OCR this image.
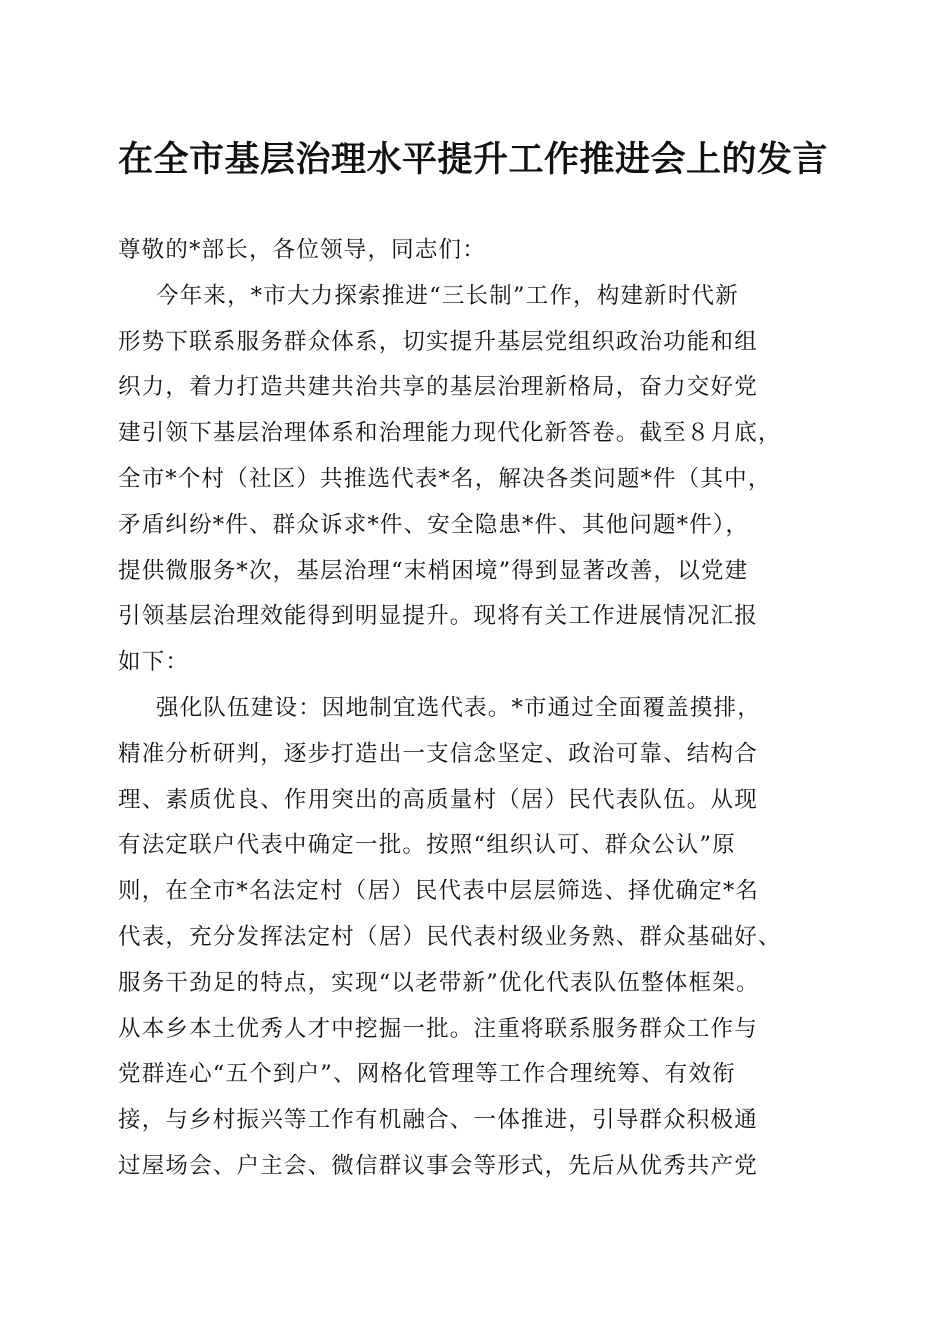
在全市基层治理水平提升工作推进会上的发言
尊敬的*部长，各位领导，同志们：
今年来，*市大力探索推进“三长制”工作，构建新时代新
形势下联系服务群众体系，切实提升基层党组织政治功能和组
织力，着力打造共建共治共享的基层治理新格局，奋力交好党
建引领下基层治理体系和治理能力现代化新答卷。截至８月底，
全市*个村（社区）共推选代表*名，解决各类问题*件（其中，
矛盾纠纷*件、群众诉求*件、安全隐患*件、其他问题*件），
提供微服务*次，基层治理“末梢困境”得到显著改善，以党建
引领基层治理效能得到明显提升。现将有关工作进展情况汇报
如下：
强化队伍建设：因地制宜选代表。*市通过全面覆盖摸排，
精准分析研判，逐步打造出一支信念坚定、政治可靠、结构合
理、素质优良、作用突出的高质量村（居）民代表队伍。从现
有法定联户代表中确定一批。按照“组织认可、群众公认”原
则，在全市*名法定村（居）民代表中层层筛选、择优确定*名
代表，充分发挥法定村（居）民代表村级业务熟、群众基础好、
服务干劲足的特点，实现“以老带新”优化代表队伍整体框架。
从本乡本土优秀人才中挖掘一批。注重将联系服务群众工作与
党群连心“五个到户”、网格化管理等工作合理统筹、有效衔
接，与乡村振兴等工作有机融合、一体推进，引导群众积极通
过屋场会、户主会、微信群议事会等形式，先后从优秀共产党
